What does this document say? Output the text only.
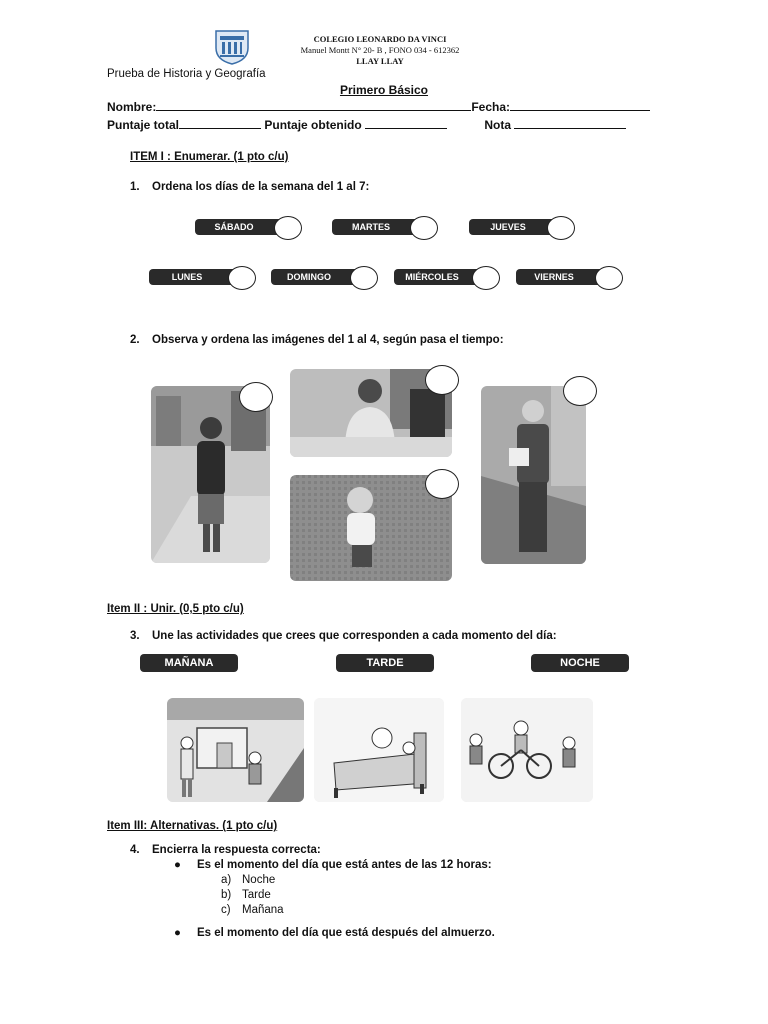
COLEGIO LEONARDO DA VINCI
Manuel Montt N° 20- B , FONO 034 - 612362
LLAY LLAY
Prueba de Historia y Geografía
Primero Básico
Nombre:	Fecha:
Puntaje total	Puntaje obtenido	Nota
ITEM I : Enumerar. (1 pto c/u)
1. Ordena los días de la semana del 1 al 7:
SÁBADO	MARTES	JUEVES
LUNES	DOMINGO	MIÉRCOLES	VIERNES
2. Observa y ordena las imágenes del 1 al 4, según pasa el tiempo:
Item II : Unir. (0,5 pto c/u)
3. Une las actividades que crees que corresponden a cada momento del día:
MAÑANA	TARDE	NOCHE
Item III: Alternativas. (1 pto c/u)
4. Encierra la respuesta correcta:
● Es el momento del día que está antes de las 12 horas:
a) Noche
b) Tarde
c) Mañana
● Es el momento del día que está después del almuerzo.
